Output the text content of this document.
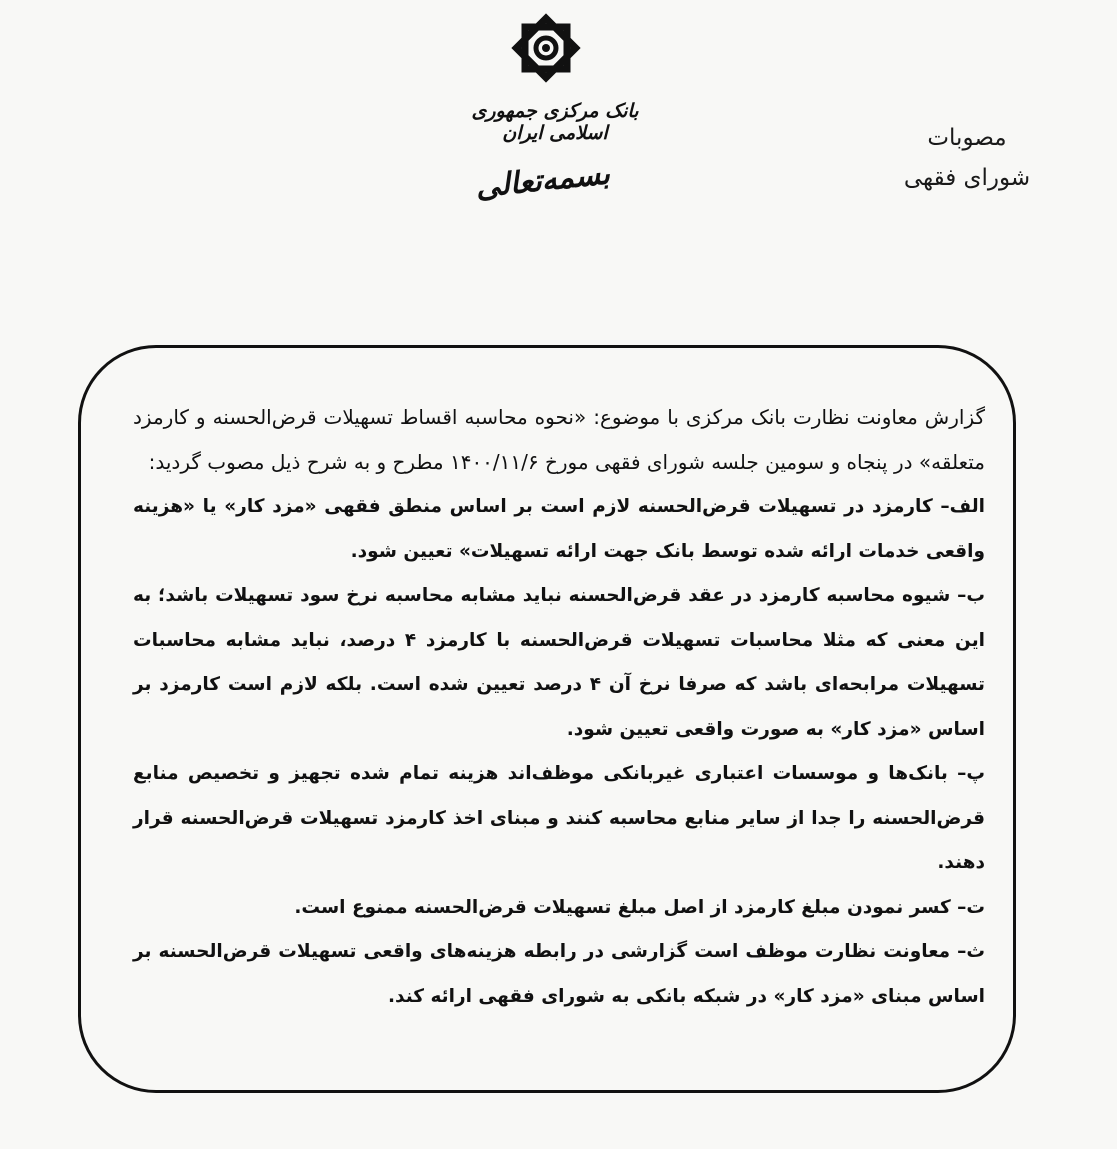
بانک مرکزی جمهوری اسلامی ایران
بسمه‌تعالی
مصوبات
شورای فقهی

گزارش معاونت نظارت بانک مرکزی با موضوع: «نحوه محاسبه اقساط تسهیلات قرض‌الحسنه و کارمزد متعلقه» در پنجاه و سومین جلسه شورای فقهی مورخ ۱۴۰۰/۱۱/۶ مطرح و به شرح ذیل مصوب گردید:

الف– کارمزد در تسهیلات قرض‌الحسنه لازم است بر اساس منطق فقهی «مزد کار» یا «هزینه واقعی خدمات ارائه شده توسط بانک جهت ارائه تسهیلات» تعیین شود.

ب– شیوه محاسبه کارمزد در عقد قرض‌الحسنه نباید مشابه محاسبه نرخ سود تسهیلات باشد؛ به این معنی که مثلا محاسبات تسهیلات قرض‌الحسنه با کارمزد ۴ درصد، نباید مشابه محاسبات تسهیلات مرابحه‌ای باشد که صرفا نرخ آن ۴ درصد تعیین شده است. بلکه لازم است کارمزد بر اساس «مزد کار» به صورت واقعی تعیین شود.

پ– بانک‌ها و موسسات اعتباری غیربانکی موظف‌اند هزینه تمام شده تجهیز و تخصیص منابع قرض‌الحسنه را جدا از سایر منابع محاسبه کنند و مبنای اخذ کارمزد تسهیلات قرض‌الحسنه قرار دهند.

ت– کسر نمودن مبلغ کارمزد از اصل مبلغ تسهیلات قرض‌الحسنه ممنوع است.

ث– معاونت نظارت موظف است گزارشی در رابطه هزینه‌های واقعی تسهیلات قرض‌الحسنه بر اساس مبنای «مزد کار» در شبکه بانکی به شورای فقهی ارائه کند.
